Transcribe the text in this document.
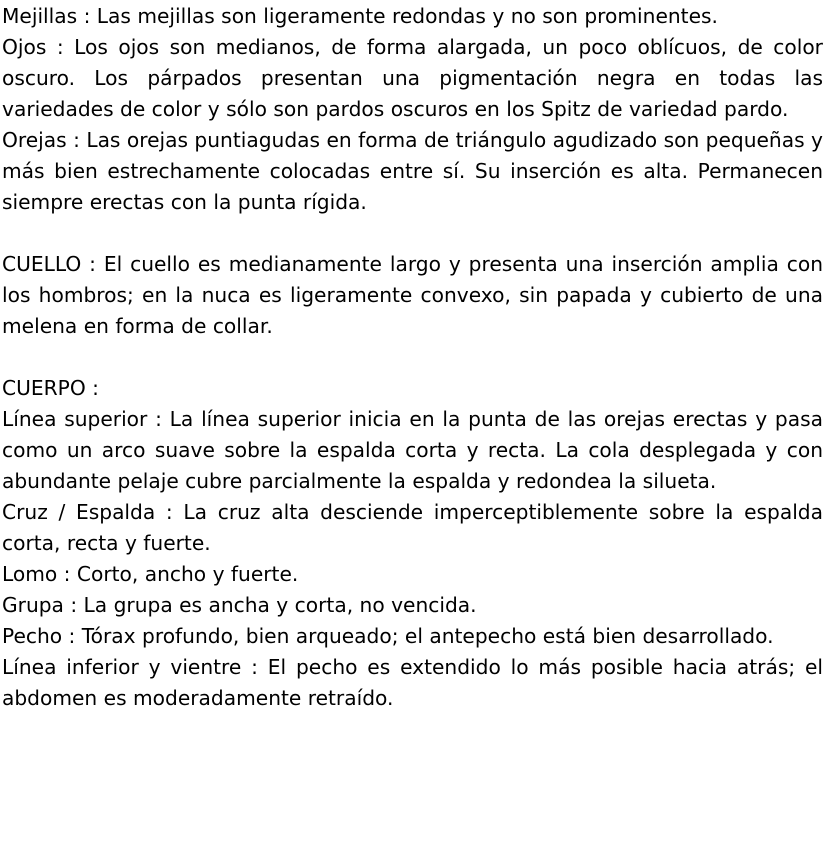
Mejillas : Las mejillas son ligeramente redondas y no son prominentes.

Ojos : Los ojos son medianos, de forma alargada, un poco oblícuos, de color oscuro. Los párpados presentan una pigmentación negra en todas las variedades de color y sólo son pardos oscuros en los Spitz de variedad pardo.

Orejas : Las orejas puntiagudas en forma de triángulo agudizado son pequeñas y más bien estrechamente colocadas entre sí. Su inserción es alta. Permanecen siempre erectas con la punta rígida.

CUELLO : El cuello es medianamente largo y presenta una inserción amplia con los hombros; en la nuca es ligeramente convexo, sin papada y cubierto de una melena en forma de collar.

CUERPO :

Línea superior : La línea superior inicia en la punta de las orejas erectas y pasa como un arco suave sobre la espalda corta y recta. La cola desplegada y con abundante pelaje cubre parcialmente la espalda y redondea la silueta.

Cruz / Espalda : La cruz alta desciende imperceptiblemente sobre la espalda corta, recta y fuerte.

Lomo : Corto, ancho y fuerte.

Grupa : La grupa es ancha y corta, no vencida.

Pecho : Tórax profundo, bien arqueado; el antepecho está bien desarrollado.

Línea inferior y vientre : El pecho es extendido lo más posible hacia atrás; el abdomen es moderadamente retraído.
